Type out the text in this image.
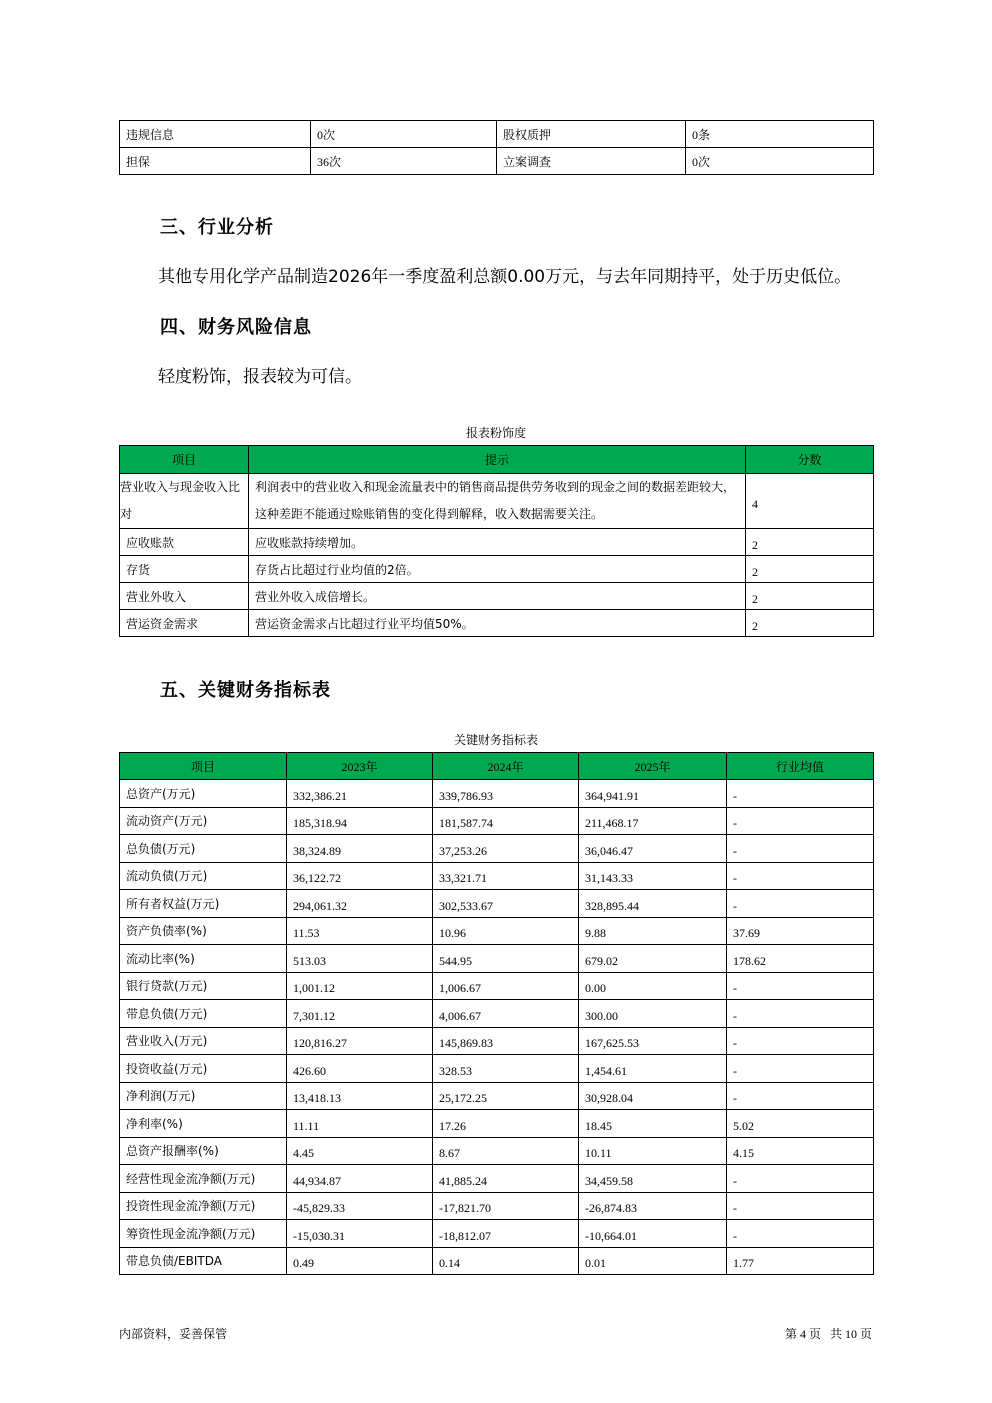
违规信息	0次	股权质押	0条
担保	36次	立案调查	0次
三、行业分析
其他专用化学产品制造2026年一季度盈利总额0.00万元，与去年同期持平，处于历史低位。
四、财务风险信息
轻度粉饰，报表较为可信。
报表粉饰度
项目	提示	分数
营业收入与现金收入比对	利润表中的营业收入和现金流量表中的销售商品提供劳务收到的现金之间的数据差距较大，这种差距不能通过赊账销售的变化得到解释，收入数据需要关注。	4
应收账款	应收账款持续增加。	2
存货	存货占比超过行业均值的2倍。	2
营业外收入	营业外收入成倍增长。	2
营运资金需求	营运资金需求占比超过行业平均值50%。	2
五、关键财务指标表
关键财务指标表
项目	2023年	2024年	2025年	行业均值
总资产(万元)	332,386.21	339,786.93	364,941.91	-
流动资产(万元)	185,318.94	181,587.74	211,468.17	-
总负债(万元)	38,324.89	37,253.26	36,046.47	-
流动负债(万元)	36,122.72	33,321.71	31,143.33	-
所有者权益(万元)	294,061.32	302,533.67	328,895.44	-
资产负债率(%)	11.53	10.96	9.88	37.69
流动比率(%)	513.03	544.95	679.02	178.62
银行贷款(万元)	1,001.12	1,006.67	0.00	-
带息负债(万元)	7,301.12	4,006.67	300.00	-
营业收入(万元)	120,816.27	145,869.83	167,625.53	-
投资收益(万元)	426.60	328.53	1,454.61	-
净利润(万元)	13,418.13	25,172.25	30,928.04	-
净利率(%)	11.11	17.26	18.45	5.02
总资产报酬率(%)	4.45	8.67	10.11	4.15
经营性现金流净额(万元)	44,934.87	41,885.24	34,459.58	-
投资性现金流净额(万元)	-45,829.33	-17,821.70	-26,874.83	-
筹资性现金流净额(万元)	-15,030.31	-18,812.07	-10,664.01	-
带息负债/EBITDA	0.49	0.14	0.01	1.77
内部资料，妥善保管	第 4 页   共 10 页
